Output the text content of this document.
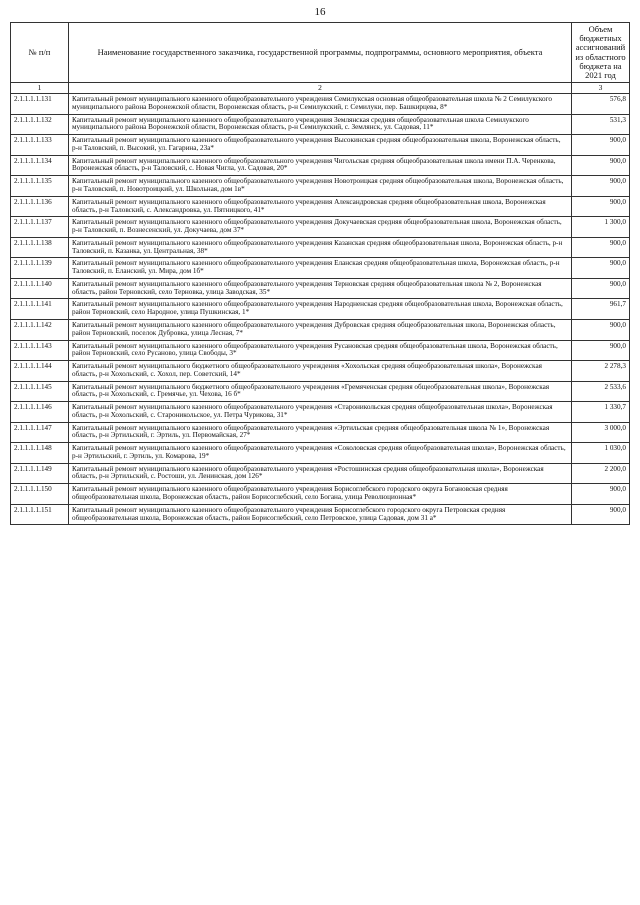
16
№ п/п	Наименование государственного заказчика, государственной программы, подпрограммы, основного мероприятия, объекта	Объем бюджетных ассигнований из областного бюджета на 2021 год
1	2	3
2.1.1.1.1.131	Капитальный ремонт муниципального казенного общеобразовательного учреждения Семилукская основная общеобразовательная школа № 2 Семилукского муниципального района Воронежской области, Воронежская область, р-н Семилукский, г. Семилуки, пер. Башкирцева, 8*	576,8
2.1.1.1.1.132	Капитальный ремонт муниципального казенного общеобразовательного учреждения Землянская средняя общеобразовательная школа Семилукского муниципального района Воронежской области, Воронежская область, р-н Семилукский, с. Землянск, ул. Садовая, 11*	531,3
2.1.1.1.1.133	Капитальный ремонт муниципального казенного общеобразовательного учреждения Высокинская средняя общеобразовательная школа, Воронежская область, р-н Таловский, п. Высокий, ул. Гагарина, 23а*	900,0
2.1.1.1.1.134	Капитальный ремонт муниципального казенного общеобразовательного учреждения Чигольская средняя общеобразовательная школа имени П.А. Черенкова, Воронежская область, р-н Таловский, с. Новая Чигла, ул. Садовая, 20*	900,0
2.1.1.1.1.135	Капитальный ремонт муниципального казенного общеобразовательного учреждения Новотроицкая средняя общеобразовательная школа, Воронежская область, р-н Таловский, п. Новотроицкий, ул. Школьная, дом 1в*	900,0
2.1.1.1.1.136	Капитальный ремонт муниципального казенного общеобразовательного учреждения Александровская средняя общеобразовательная школа, Воронежская область, р-н Таловский, с. Александровка, ул. Пятницкого, 41*	900,0
2.1.1.1.1.137	Капитальный ремонт муниципального казенного общеобразовательного учреждения Докучаевская средняя общеобразовательная школа, Воронежская область, р-н Таловский, п. Вознесенский, ул. Докучаева, дом 37*	1 300,0
2.1.1.1.1.138	Капитальный ремонт муниципального казенного общеобразовательного учреждения Казанская средняя общеобразовательная школа, Воронежская область, р-н Таловский, п. Казанка, ул. Центральная, 38*	900,0
2.1.1.1.1.139	Капитальный ремонт муниципального казенного общеобразовательного учреждения Еланская средняя общеобразовательная школа, Воронежская область, р-н Таловский, п. Еланский, ул. Мира, дом 1б*	900,0
2.1.1.1.1.140	Капитальный ремонт муниципального казенного общеобразовательного учреждения Терновская средняя общеобразовательная школа № 2, Воронежская область, район Терновский, село Терновка, улица Заводская, 35*	900,0
2.1.1.1.1.141	Капитальный ремонт муниципального казенного общеобразовательного учреждения Народненская средняя общеобразовательная школа, Воронежская область, район Терновский, село Народное, улица Пушкинская, 1*	961,7
2.1.1.1.1.142	Капитальный ремонт муниципального казенного общеобразовательного учреждения Дубровская средняя общеобразовательная школа, Воронежская область, район Терновский, поселок Дубровка, улица Лесная, 7*	900,0
2.1.1.1.1.143	Капитальный ремонт муниципального казенного общеобразовательного учреждения Русановская средняя общеобразовательная школа, Воронежская область, район Терновский, село Русаново, улица Свободы, 3*	900,0
2.1.1.1.1.144	Капитальный ремонт муниципального бюджетного общеобразовательного учреждения «Хохольская средняя общеобразовательная школа», Воронежская область, р-н Хохольский, с. Хохол, пер. Советский, 14*	2 278,3
2.1.1.1.1.145	Капитальный ремонт муниципального бюджетного общеобразовательного учреждения «Гремяченская средняя общеобразовательная школа», Воронежская область, р-н Хохольский, с. Гремячье, ул. Чехова, 16 б*	2 533,6
2.1.1.1.1.146	Капитальный ремонт муниципального казенного общеобразовательного учреждения «Староникольская средняя общеобразовательная школа», Воронежская область, р-н Хохольский, с. Староникольское, ул. Петра Чурикова, 31*	1 330,7
2.1.1.1.1.147	Капитальный ремонт муниципального казенного общеобразовательного учреждения «Эртильская средняя общеобразовательная школа № 1», Воронежская область, р-н Эртильский, г. Эртиль, ул. Первомайская, 27*	3 000,0
2.1.1.1.1.148	Капитальный ремонт муниципального казенного общеобразовательного учреждения «Соколовская средняя общеобразовательная школа», Воронежская область, р-н Эртильский, г. Эртиль, ул. Комарова, 19*	1 030,0
2.1.1.1.1.149	Капитальный ремонт муниципального казенного общеобразовательного учреждения «Ростошинская средняя общеобразовательная школа», Воронежская область, р-н Эртильский, с. Ростоши, ул. Ленинская, дом 126*	2 200,0
2.1.1.1.1.150	Капитальный ремонт муниципального казенного общеобразовательного учреждения Борисоглебского городского округа Богановская средняя общеобразовательная школа, Воронежская область, район Борисоглебский, село Богана, улица Революционная*	900,0
2.1.1.1.1.151	Капитальный ремонт муниципального казенного общеобразовательного учреждения Борисоглебского городского округа Петровская средняя общеобразовательная школа, Воронежская область, район Борисоглебский, село Петровское, улица Садовая, дом 31 а*	900,0
